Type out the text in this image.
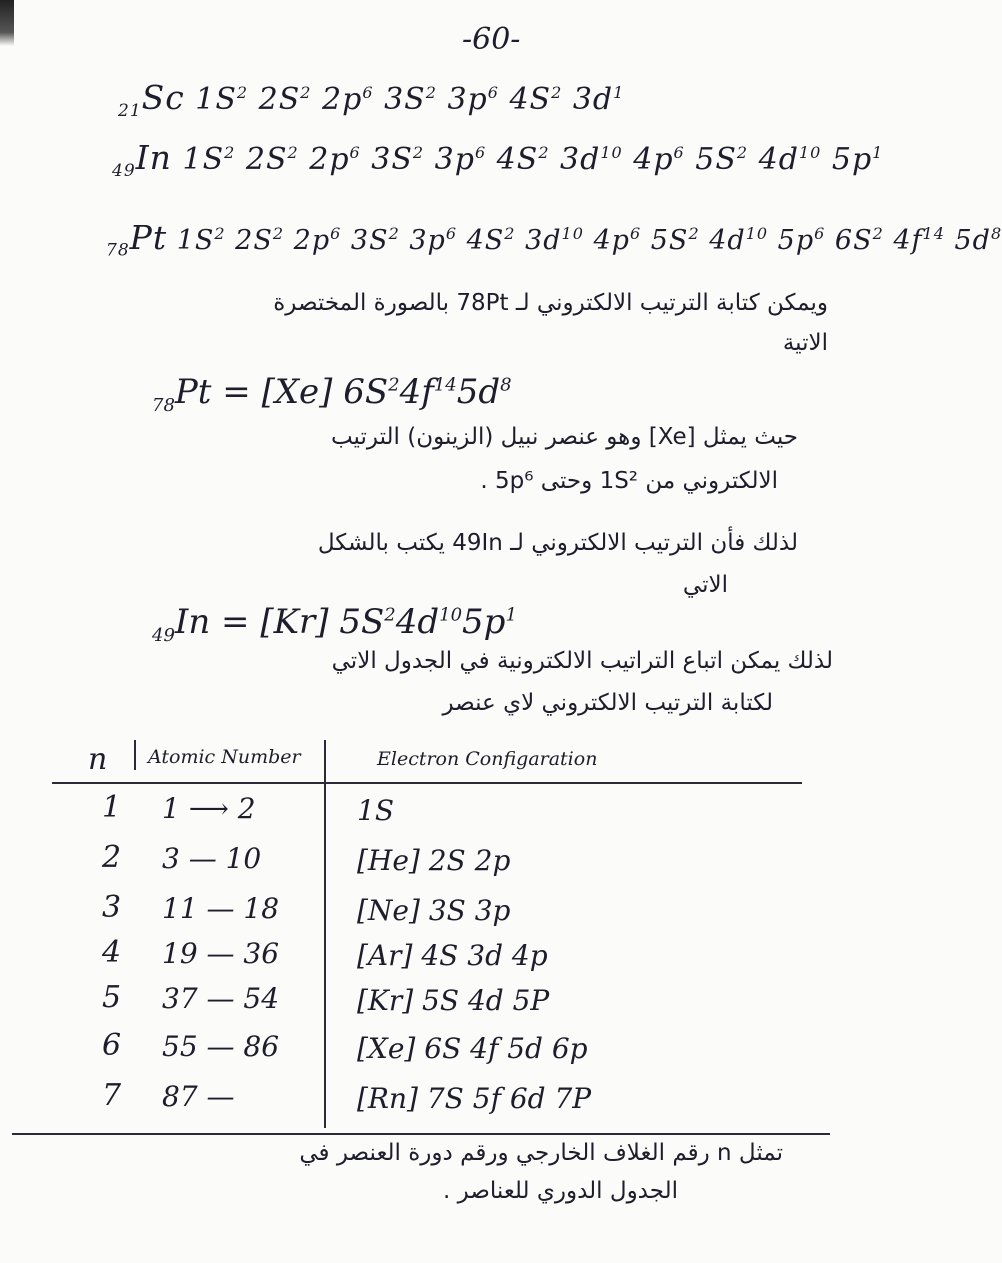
-60-
$_{21}$Sc $1S^2$ $2S^2$ $2p^6$ $3S^2$ $3p^6$ $4S^2$ $3d^1$
$_{49}$In $1S^2$ $2S^2$ $2p^6$ $3S^2$ $3p^6$ $4S^2$ $3d^{10}$ $4p^6$ $5S^2$ $4d^{10}$ $5p^1$
$_{78}$Pt $1S^2$ $2S^2$ $2p^6$ $3S^2$ $3p^6$ $4S^2$ $3d^{10}$ $4p^6$ $5S^2$ $4d^{10}$ $5p^6$ $6S^2$ $4f^{14}$ $5d^8$
ويمكن كتابة الترتيب الالكتروني لـ 78Pt بالصورة المختصرة
الاتية
$_{78}$Pt = [Xe] $6S^24f^{14}5d^8$
حيث يمثل [Xe] وهو عنصر نبيل (الزينون) الترتيب
الالكتروني من 1S² وحتى 5p⁶ .
لذلك فأن الترتيب الالكتروني لـ 49In يكتب بالشكل
الاتي
$_{49}$In = [Kr] $5S^24d^{10}5p^1$
لذلك يمكن اتباع التراتيب الالكترونية في الجدول الاتي
لكتابة الترتيب الالكتروني لاي عنصر
n Atomic Number	Electron Configaration
1 1 ⟶ 2	1S
2 3 — 10	[He] 2S 2p
3 11 — 18	[Ne] 3S 3p
4 19 — 36	[Ar] 4S 3d 4p
5 37 — 54	[Kr] 5S 4d 5P
6 55 — 86	[Xe] 6S 4f 5d 6p
7 87 —	[Rn] 7S 5f 6d 7P
تمثل n رقم الغلاف الخارجي ورقم دورة العنصر في
الجدول الدوري للعناصر .
